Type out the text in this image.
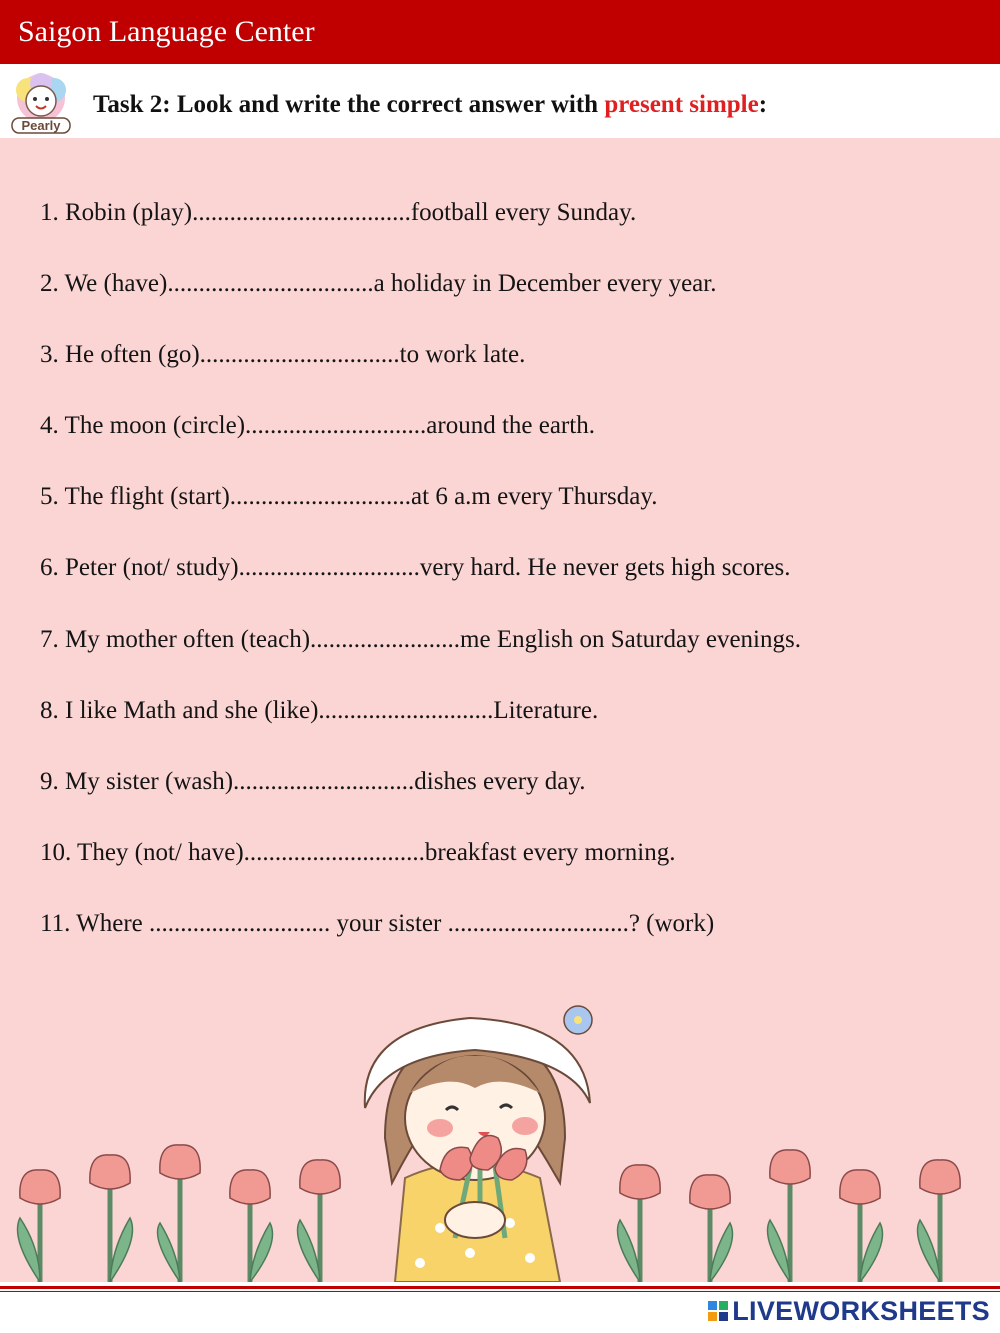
Saigon Language Center
Pearly
Task 2: Look and write the correct answer with present simple:
1. Robin (play)...................................football every Sunday.
2. We (have).................................a holiday in December every year.
3. He often (go)................................to work late.
4. The moon (circle).............................around the earth.
5. The flight (start).............................at 6 a.m every Thursday.
6. Peter (not/ study).............................very hard. He never gets high scores.
7. My mother often (teach)........................me English on Saturday evenings.
8. I like Math and she (like)............................Literature.
9. My sister (wash).............................dishes every day.
10. They (not/ have).............................breakfast every morning.
11. Where ............................. your sister .............................? (work)
LIVEWORKSHEETS
